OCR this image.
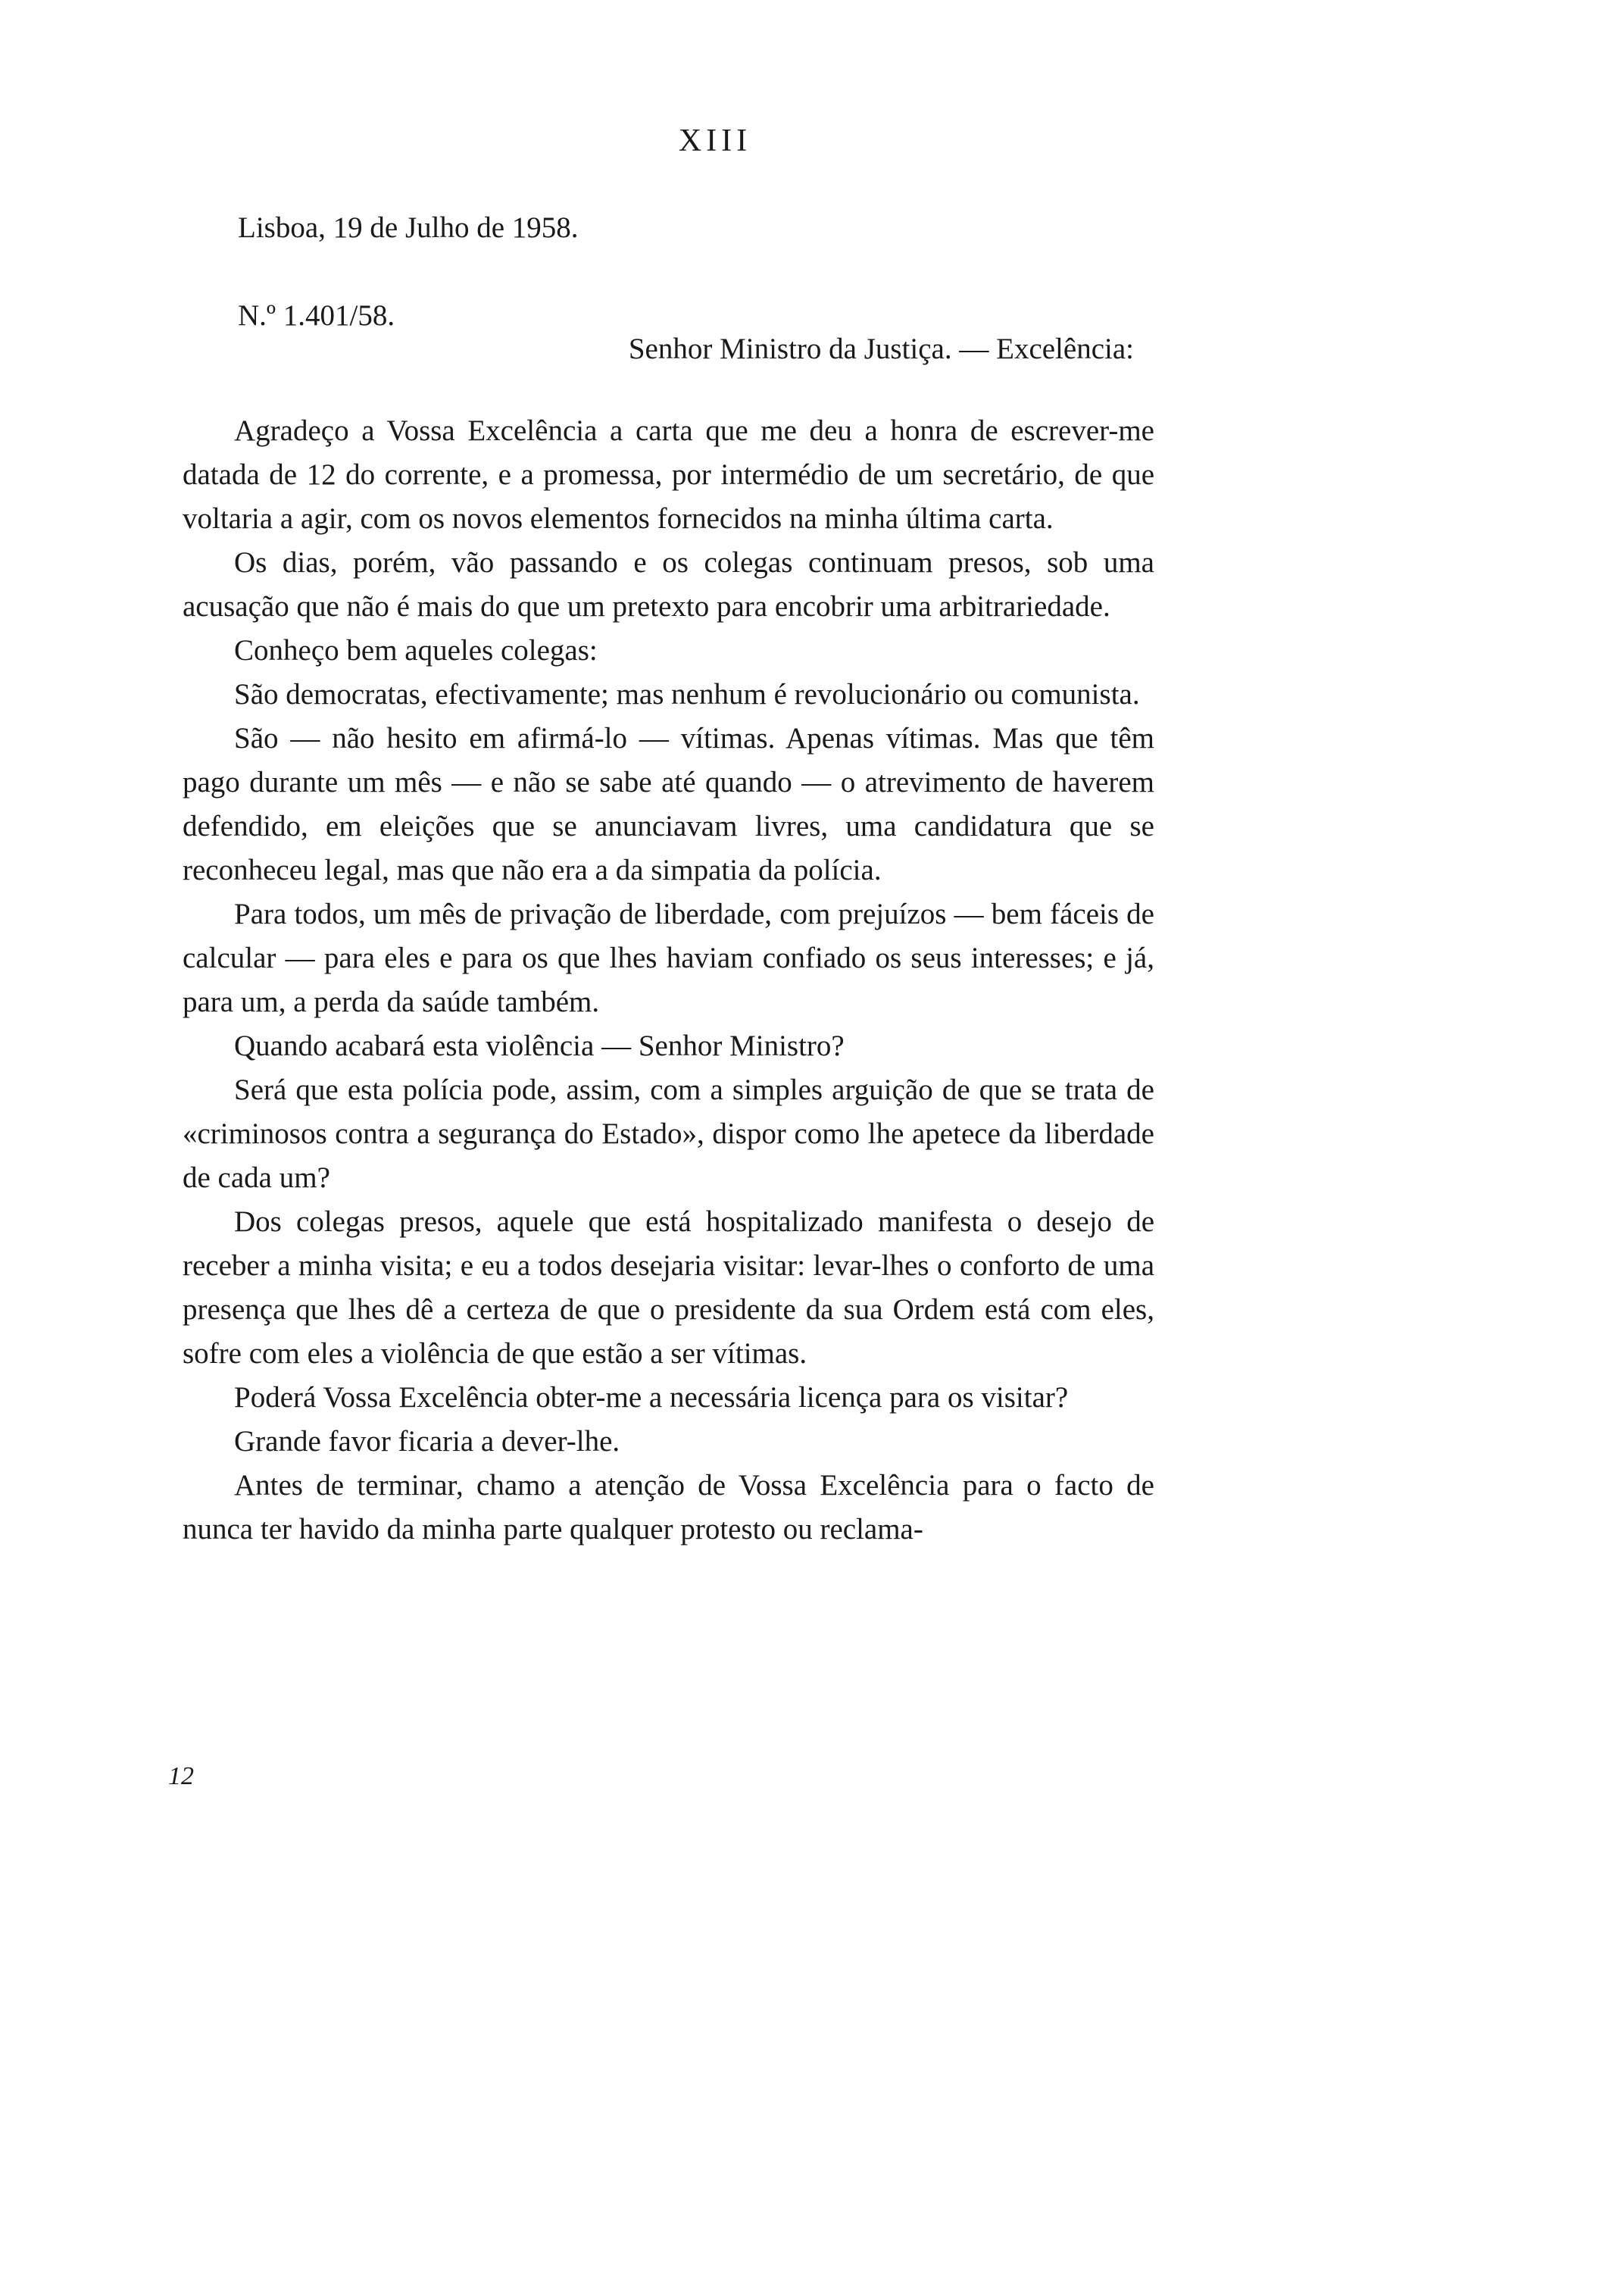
XIII
Lisboa, 19 de Julho de 1958.
N.º 1.401/58.
Senhor Ministro da Justiça. — Excelência:

Agradeço a Vossa Excelência a carta que me deu a honra de escrever-me datada de 12 do corrente, e a promessa, por intermédio de um secretário, de que voltaria a agir, com os novos elementos fornecidos na minha última carta.

Os dias, porém, vão passando e os colegas continuam presos, sob uma acusação que não é mais do que um pretexto para encobrir uma arbitrariedade.

Conheço bem aqueles colegas:

São democratas, efectivamente; mas nenhum é revolucionário ou comunista.

São — não hesito em afirmá-lo — vítimas. Apenas vítimas. Mas que têm pago durante um mês — e não se sabe até quando — o atrevimento de haverem defendido, em eleições que se anunciavam livres, uma candidatura que se reconheceu legal, mas que não era a da simpatia da polícia.

Para todos, um mês de privação de liberdade, com prejuízos — bem fáceis de calcular — para eles e para os que lhes haviam confiado os seus interesses; e já, para um, a perda da saúde também.

Quando acabará esta violência — Senhor Ministro?

Será que esta polícia pode, assim, com a simples arguição de que se trata de «criminosos contra a segurança do Estado», dispor como lhe apetece da liberdade de cada um?

Dos colegas presos, aquele que está hospitalizado manifesta o desejo de receber a minha visita; e eu a todos desejaria visitar: levar-lhes o conforto de uma presença que lhes dê a certeza de que o presidente da sua Ordem está com eles, sofre com eles a violência de que estão a ser vítimas.

Poderá Vossa Excelência obter-me a necessária licença para os visitar?

Grande favor ficaria a dever-lhe.

Antes de terminar, chamo a atenção de Vossa Excelência para o facto de nunca ter havido da minha parte qualquer protesto ou reclama-

12
